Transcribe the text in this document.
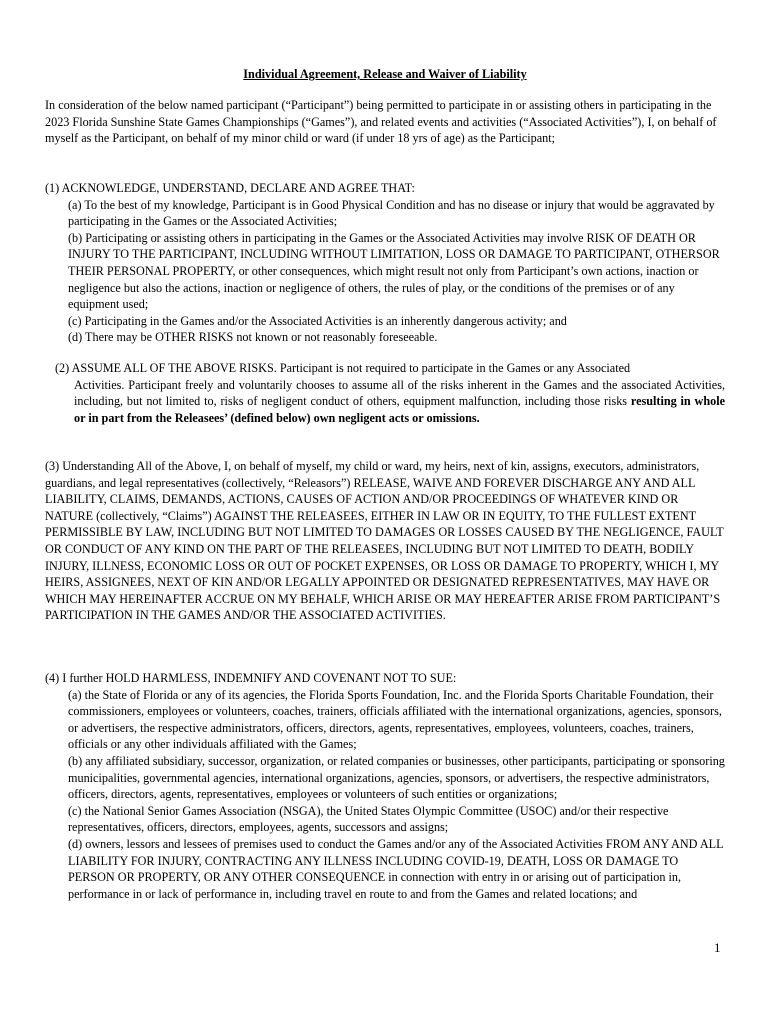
Individual Agreement, Release and Waiver of Liability

In consideration of the below named participant (“Participant”) being permitted to participate in or assisting others in participating in the 2023 Florida Sunshine State Games Championships (“Games”), and related events and activities (“Associated Activities”), I, on behalf of myself as the Participant, on behalf of my minor child or ward (if under 18 yrs of age) as the Participant;

(1) ACKNOWLEDGE, UNDERSTAND, DECLARE AND AGREE THAT:

(a) To the best of my knowledge, Participant is in Good Physical Condition and has no disease or injury that would be aggravated by participating in the Games or the Associated Activities;

(b) Participating or assisting others in participating in the Games or the Associated Activities may involve RISK OF DEATH OR INJURY TO THE PARTICIPANT, INCLUDING WITHOUT LIMITATION, LOSS OR DAMAGE TO PARTICIPANT, OTHERSOR THEIR PERSONAL PROPERTY, or other consequences, which might result not only from Participant’s own actions, inaction or negligence but also the actions, inaction or negligence of others, the rules of play, or the conditions of the premises or of any equipment used;

(c) Participating in the Games and/or the Associated Activities is an inherently dangerous activity; and

(d) There may be OTHER RISKS not known or not reasonably foreseeable.

(2) ASSUME ALL OF THE ABOVE RISKS. Participant is not required to participate in the Games or any Associated

Activities. Participant freely and voluntarily chooses to assume all of the risks inherent in the Games and the associated Activities, including, but not limited to, risks of negligent conduct of others, equipment malfunction, including those risks resulting in whole or in part from the Releasees’ (defined below) own negligent acts or omissions.

(3) Understanding All of the Above, I, on behalf of myself, my child or ward, my heirs, next of kin, assigns, executors, administrators, guardians, and legal representatives (collectively, “Releasors”) RELEASE, WAIVE AND FOREVER DISCHARGE ANY AND ALL LIABILITY, CLAIMS, DEMANDS, ACTIONS, CAUSES OF ACTION AND/OR PROCEEDINGS OF WHATEVER KIND OR NATURE (collectively, “Claims”) AGAINST THE RELEASEES, EITHER IN LAW OR IN EQUITY, TO THE FULLEST EXTENT PERMISSIBLE BY LAW, INCLUDING BUT NOT LIMITED TO DAMAGES OR LOSSES CAUSED BY THE NEGLIGENCE, FAULT OR CONDUCT OF ANY KIND ON THE PART OF THE RELEASEES, INCLUDING BUT NOT LIMITED TO DEATH, BODILY INJURY, ILLNESS, ECONOMIC LOSS OR OUT OF POCKET EXPENSES, OR LOSS OR DAMAGE TO PROPERTY, WHICH I, MY HEIRS, ASSIGNEES, NEXT OF KIN AND/OR LEGALLY APPOINTED OR DESIGNATED REPRESENTATIVES, MAY HAVE OR WHICH MAY HEREINAFTER ACCRUE ON MY BEHALF, WHICH ARISE OR MAY HEREAFTER ARISE FROM PARTICIPANT’S PARTICIPATION IN THE GAMES AND/OR THE ASSOCIATED ACTIVITIES.

(4) I further HOLD HARMLESS, INDEMNIFY AND COVENANT NOT TO SUE:

(a) the State of Florida or any of its agencies, the Florida Sports Foundation, Inc. and the Florida Sports Charitable Foundation, their commissioners, employees or volunteers, coaches, trainers, officials affiliated with the international organizations, agencies, sponsors, or advertisers, the respective administrators, officers, directors, agents, representatives, employees, volunteers, coaches, trainers, officials or any other individuals affiliated with the Games;

(b) any affiliated subsidiary, successor, organization, or related companies or businesses, other participants, participating or sponsoring municipalities, governmental agencies, international organizations, agencies, sponsors, or advertisers, the respective administrators, officers, directors, agents, representatives, employees or volunteers of such entities or organizations;

(c) the National Senior Games Association (NSGA), the United States Olympic Committee (USOC) and/or their respective representatives, officers, directors, employees, agents, successors and assigns;

(d) owners, lessors and lessees of premises used to conduct the Games and/or any of the Associated Activities FROM ANY AND ALL LIABILITY FOR INJURY, CONTRACTING ANY ILLNESS INCLUDING COVID-19, DEATH, LOSS OR DAMAGE TO PERSON OR PROPERTY, OR ANY OTHER CONSEQUENCE in connection with entry in or arising out of participation in, performance in or lack of performance in, including travel en route to and from the Games and related locations; and

1
